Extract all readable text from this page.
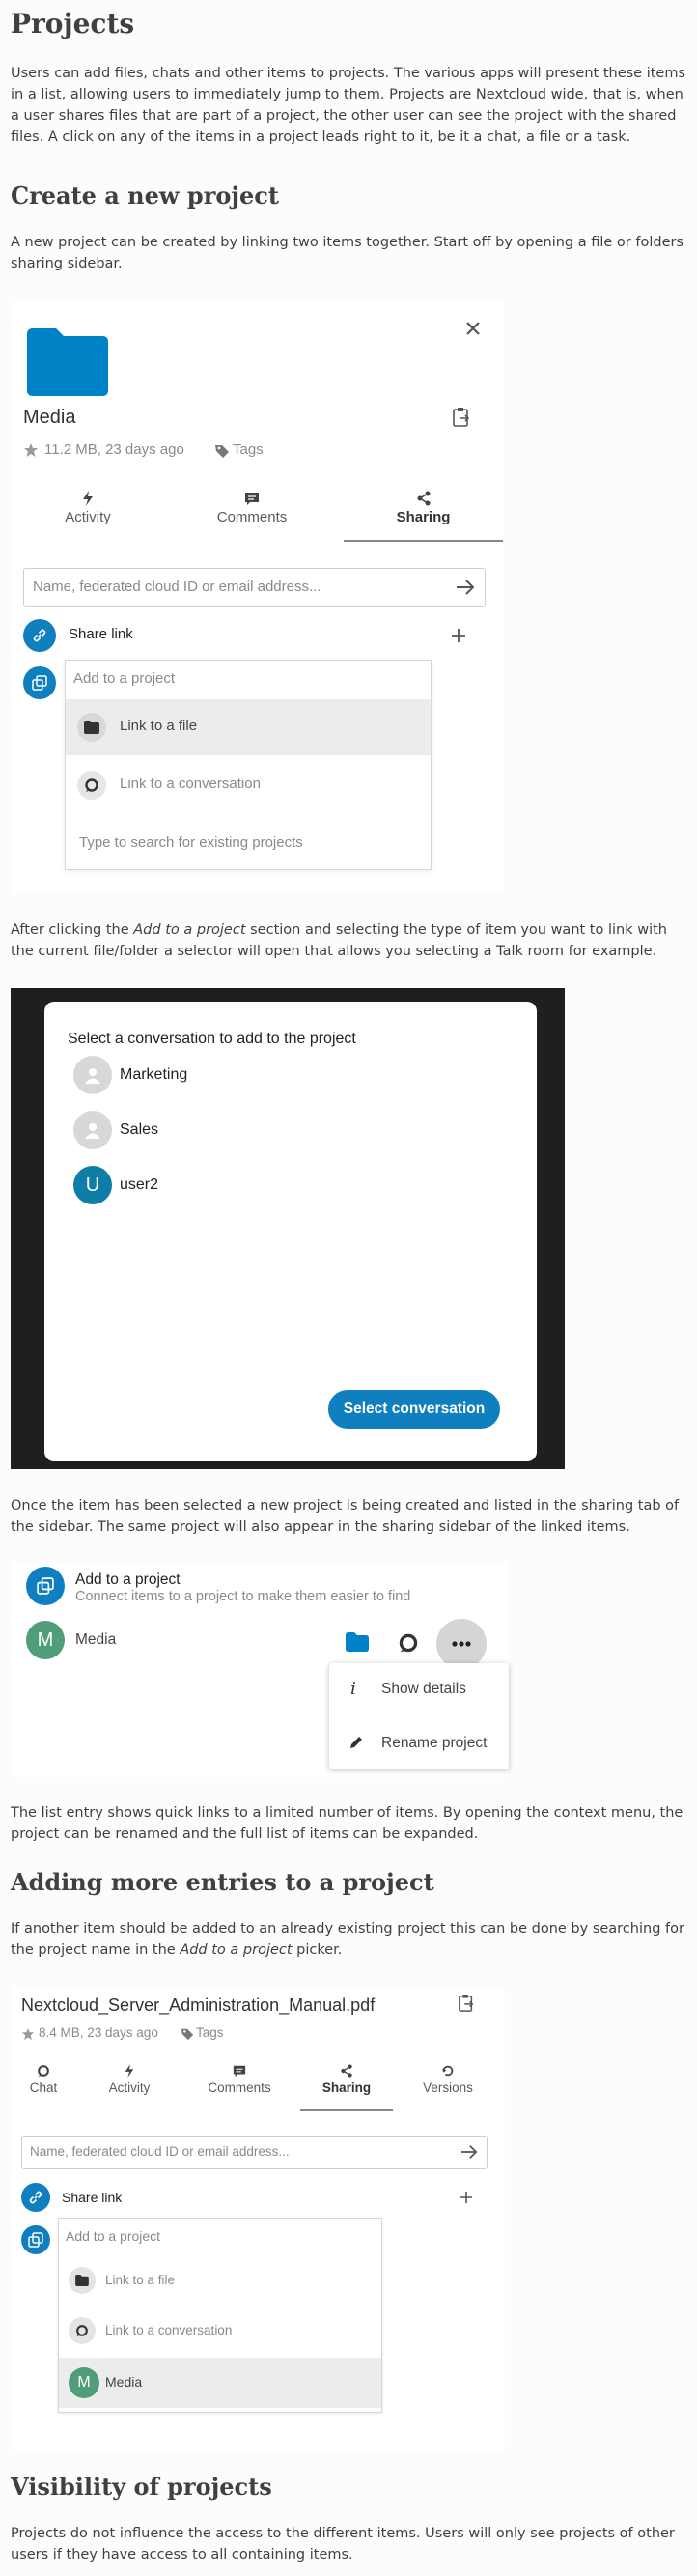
Projects

Users can add files, chats and other items to projects. The various apps will present these items in a list, allowing users to immediately jump to them. Projects are Nextcloud wide, that is, when a user shares files that are part of a project, the other user can see the project with the shared files. A click on any of the items in a project leads right to it, be it a chat, a file or a task.

Create a new project

A new project can be created by linking two items together. Start off by opening a file or folders sharing sidebar.

Media
11.2 MB, 23 days ago	Tags
Activity	Comments	Sharing
Name, federated cloud ID or email address...
Share link
Add to a project
Link to a file
Link to a conversation
Type to search for existing projects

After clicking the Add to a project section and selecting the type of item you want to link with the current file/folder a selector will open that allows you selecting a Talk room for example.

Select a conversation to add to the project
Marketing
Sales
U	user2
Select conversation

Once the item has been selected a new project is being created and listed in the sharing tab of the sidebar. The same project will also appear in the sharing sidebar of the linked items.

Add to a project
Connect items to a project to make them easier to find
M	Media
i Show details
Rename project

The list entry shows quick links to a limited number of items. By opening the context menu, the project can be renamed and the full list of items can be expanded.

Adding more entries to a project

If another item should be added to an already existing project this can be done by searching for the project name in the Add to a project picker.

Nextcloud_Server_Administration_Manual.pdf
8.4 MB, 23 days ago	Tags
Chat	Activity	Comments	Sharing	Versions
Name, federated cloud ID or email address...
Share link
Add to a project
Link to a file
Link to a conversation
M	Media
Visibility of projects

Projects do not influence the access to the different items. Users will only see projects of other users if they have access to all containing items.
